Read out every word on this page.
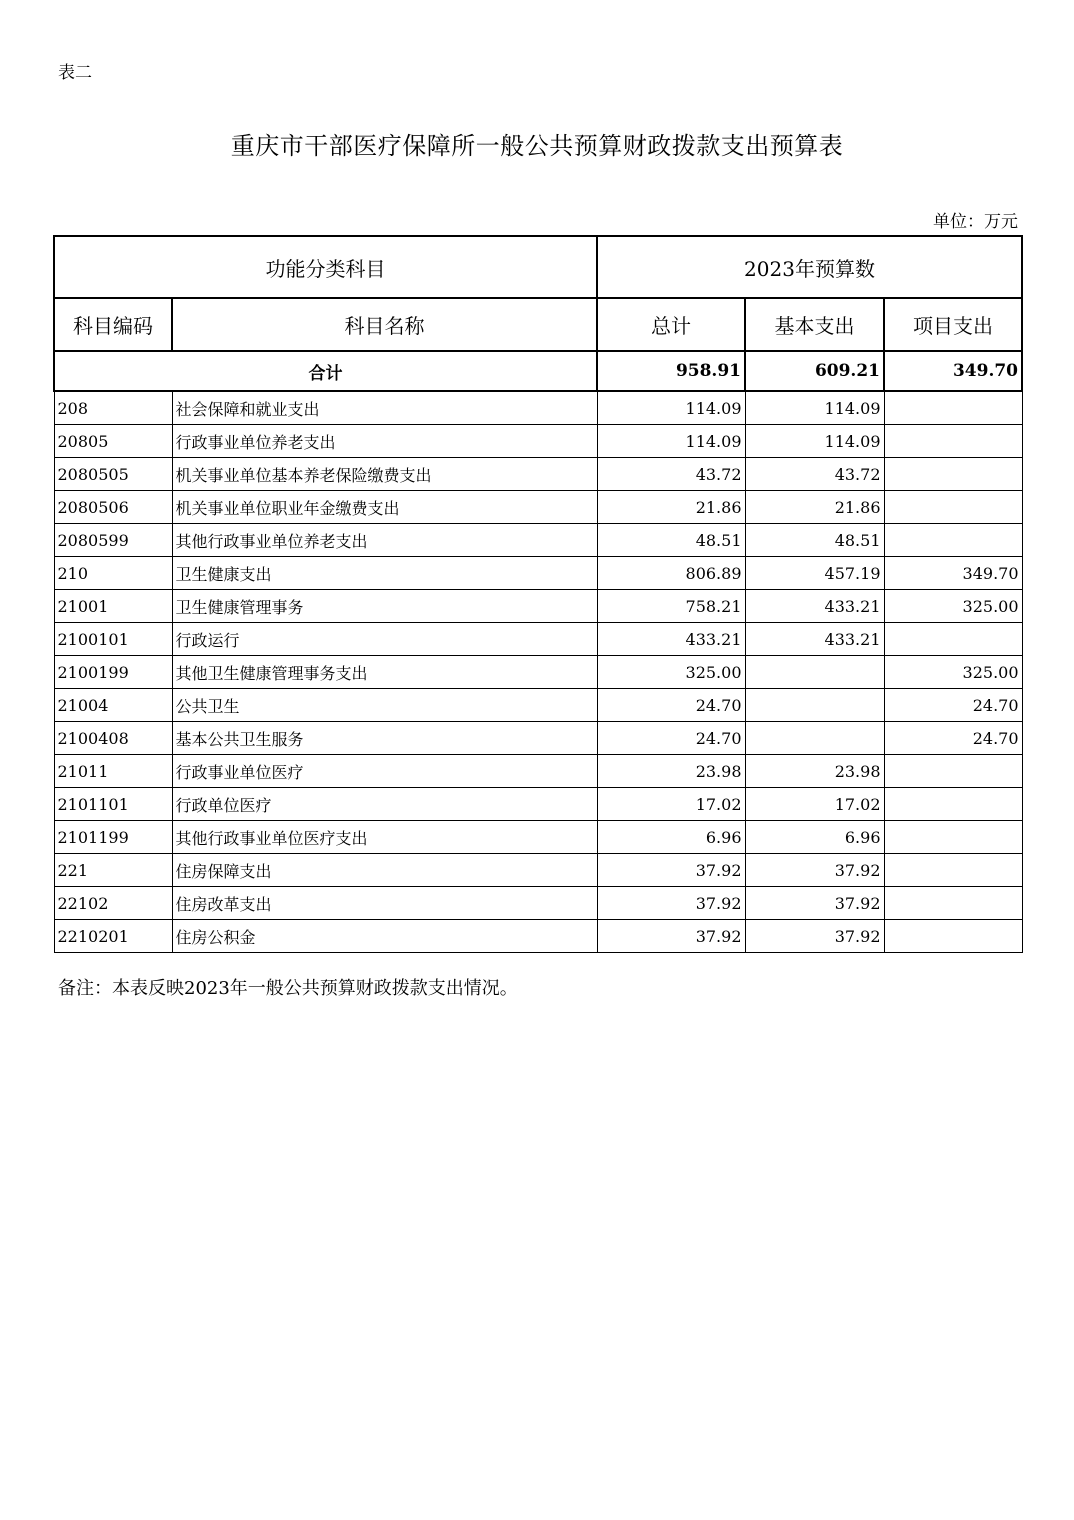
表二
重庆市干部医疗保障所一般公共预算财政拨款支出预算表
单位：万元
功能分类科目		2023年预算数		
科目编码	科目名称	总计	基本支出	项目支出
合计		958.91	609.21	349.70
208	社会保障和就业支出	114.09	114.09	
20805	行政事业单位养老支出	114.09	114.09	
2080505	机关事业单位基本养老保险缴费支出	43.72	43.72	
2080506	机关事业单位职业年金缴费支出	21.86	21.86	
2080599	其他行政事业单位养老支出	48.51	48.51	
210	卫生健康支出	806.89	457.19	349.70
21001	卫生健康管理事务	758.21	433.21	325.00
2100101	行政运行	433.21	433.21	
2100199	其他卫生健康管理事务支出	325.00		325.00
21004	公共卫生	24.70		24.70
2100408	基本公共卫生服务	24.70		24.70
21011	行政事业单位医疗	23.98	23.98	
2101101	行政单位医疗	17.02	17.02	
2101199	其他行政事业单位医疗支出	6.96	6.96	
221	住房保障支出	37.92	37.92	
22102	住房改革支出	37.92	37.92	
2210201	住房公积金	37.92	37.92	
备注：本表反映2023年一般公共预算财政拨款支出情况。
